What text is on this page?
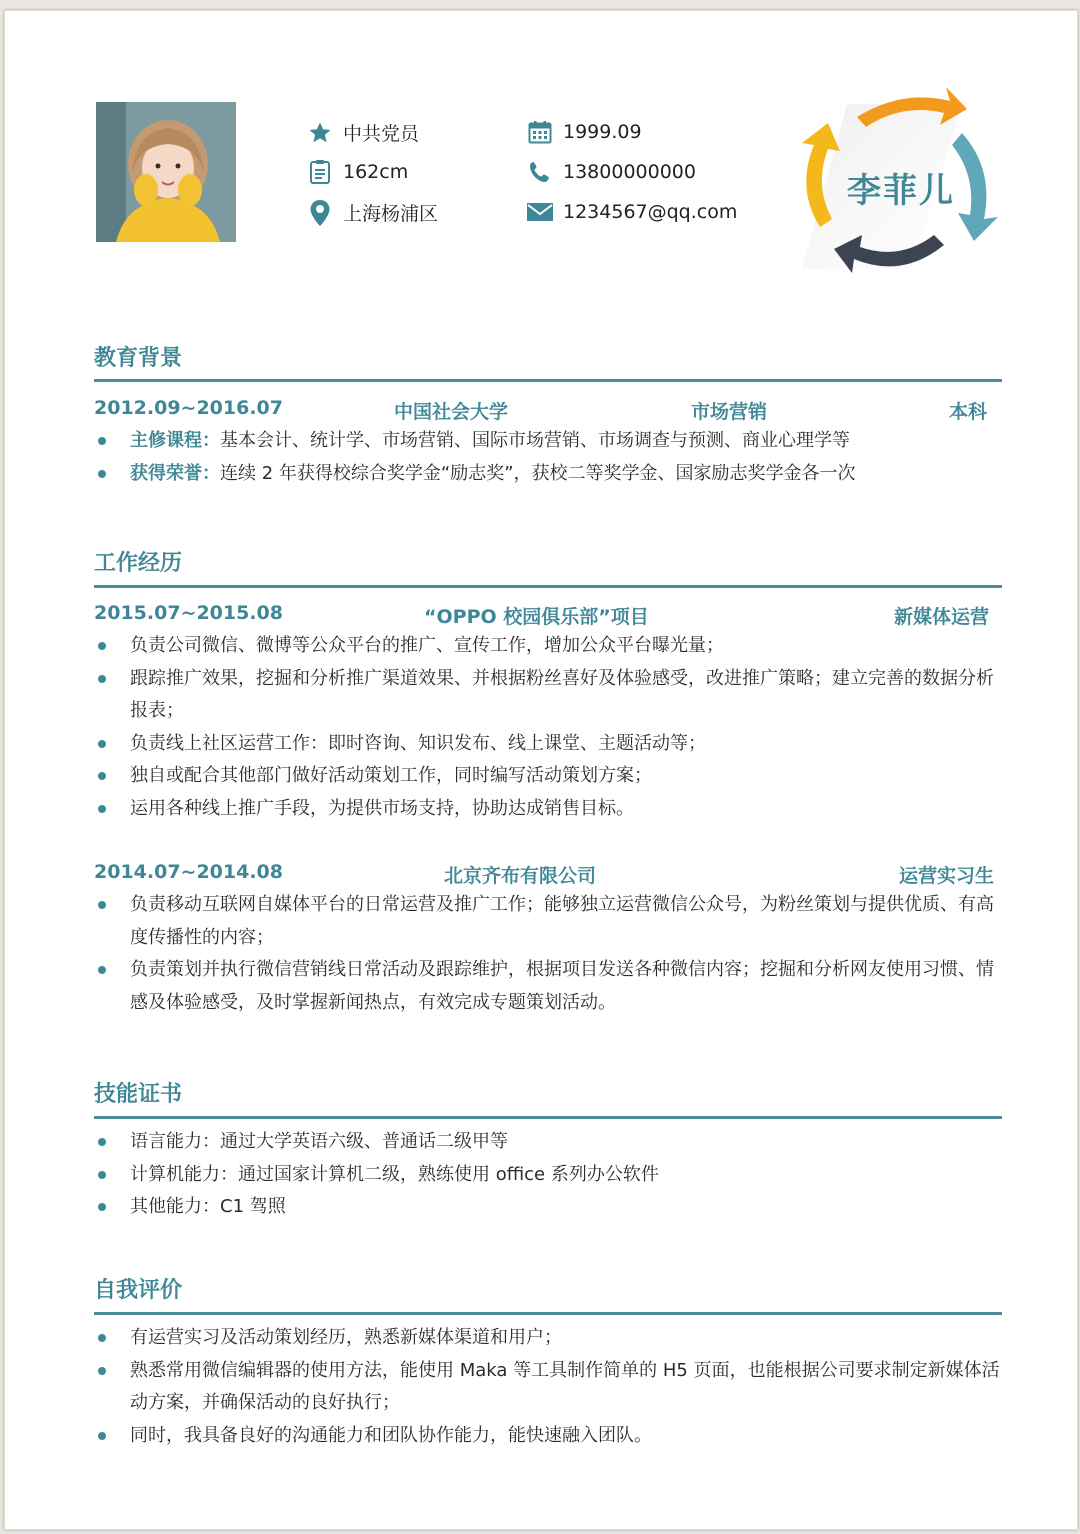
中共党员
162cm
上海杨浦区
1999.09
13800000000
1234567@qq.com
李菲儿
教育背景
2012.09~2016.07	中国社会大学	市场营销	本科
主修课程：基本会计、统计学、市场营销、国际市场营销、市场调查与预测、商业心理学等
获得荣誉：连续 2 年获得校综合奖学金“励志奖”，获校二等奖学金、国家励志奖学金各一次
工作经历
2015.07~2015.08	“OPPO 校园俱乐部”项目	新媒体运营
负责公司微信、微博等公众平台的推广、宣传工作，增加公众平台曝光量；
跟踪推广效果，挖掘和分析推广渠道效果、并根据粉丝喜好及体验感受，改进推广策略；建立完善的数据分析报表；
负责线上社区运营工作：即时咨询、知识发布、线上课堂、主题活动等；
独自或配合其他部门做好活动策划工作，同时编写活动策划方案；
运用各种线上推广手段，为提供市场支持，协助达成销售目标。
2014.07~2014.08	北京齐布有限公司	运营实习生
负责移动互联网自媒体平台的日常运营及推广工作；能够独立运营微信公众号，为粉丝策划与提供优质、有高度传播性的内容；
负责策划并执行微信营销线日常活动及跟踪维护，根据项目发送各种微信内容；挖掘和分析网友使用习惯、情感及体验感受，及时掌握新闻热点，有效完成专题策划活动。
技能证书
语言能力：通过大学英语六级、普通话二级甲等
计算机能力：通过国家计算机二级，熟练使用 office 系列办公软件
其他能力：C1 驾照
自我评价
有运营实习及活动策划经历，熟悉新媒体渠道和用户；
熟悉常用微信编辑器的使用方法，能使用 Maka 等工具制作简单的 H5 页面，也能根据公司要求制定新媒体活动方案，并确保活动的良好执行；
同时，我具备良好的沟通能力和团队协作能力，能快速融入团队。
